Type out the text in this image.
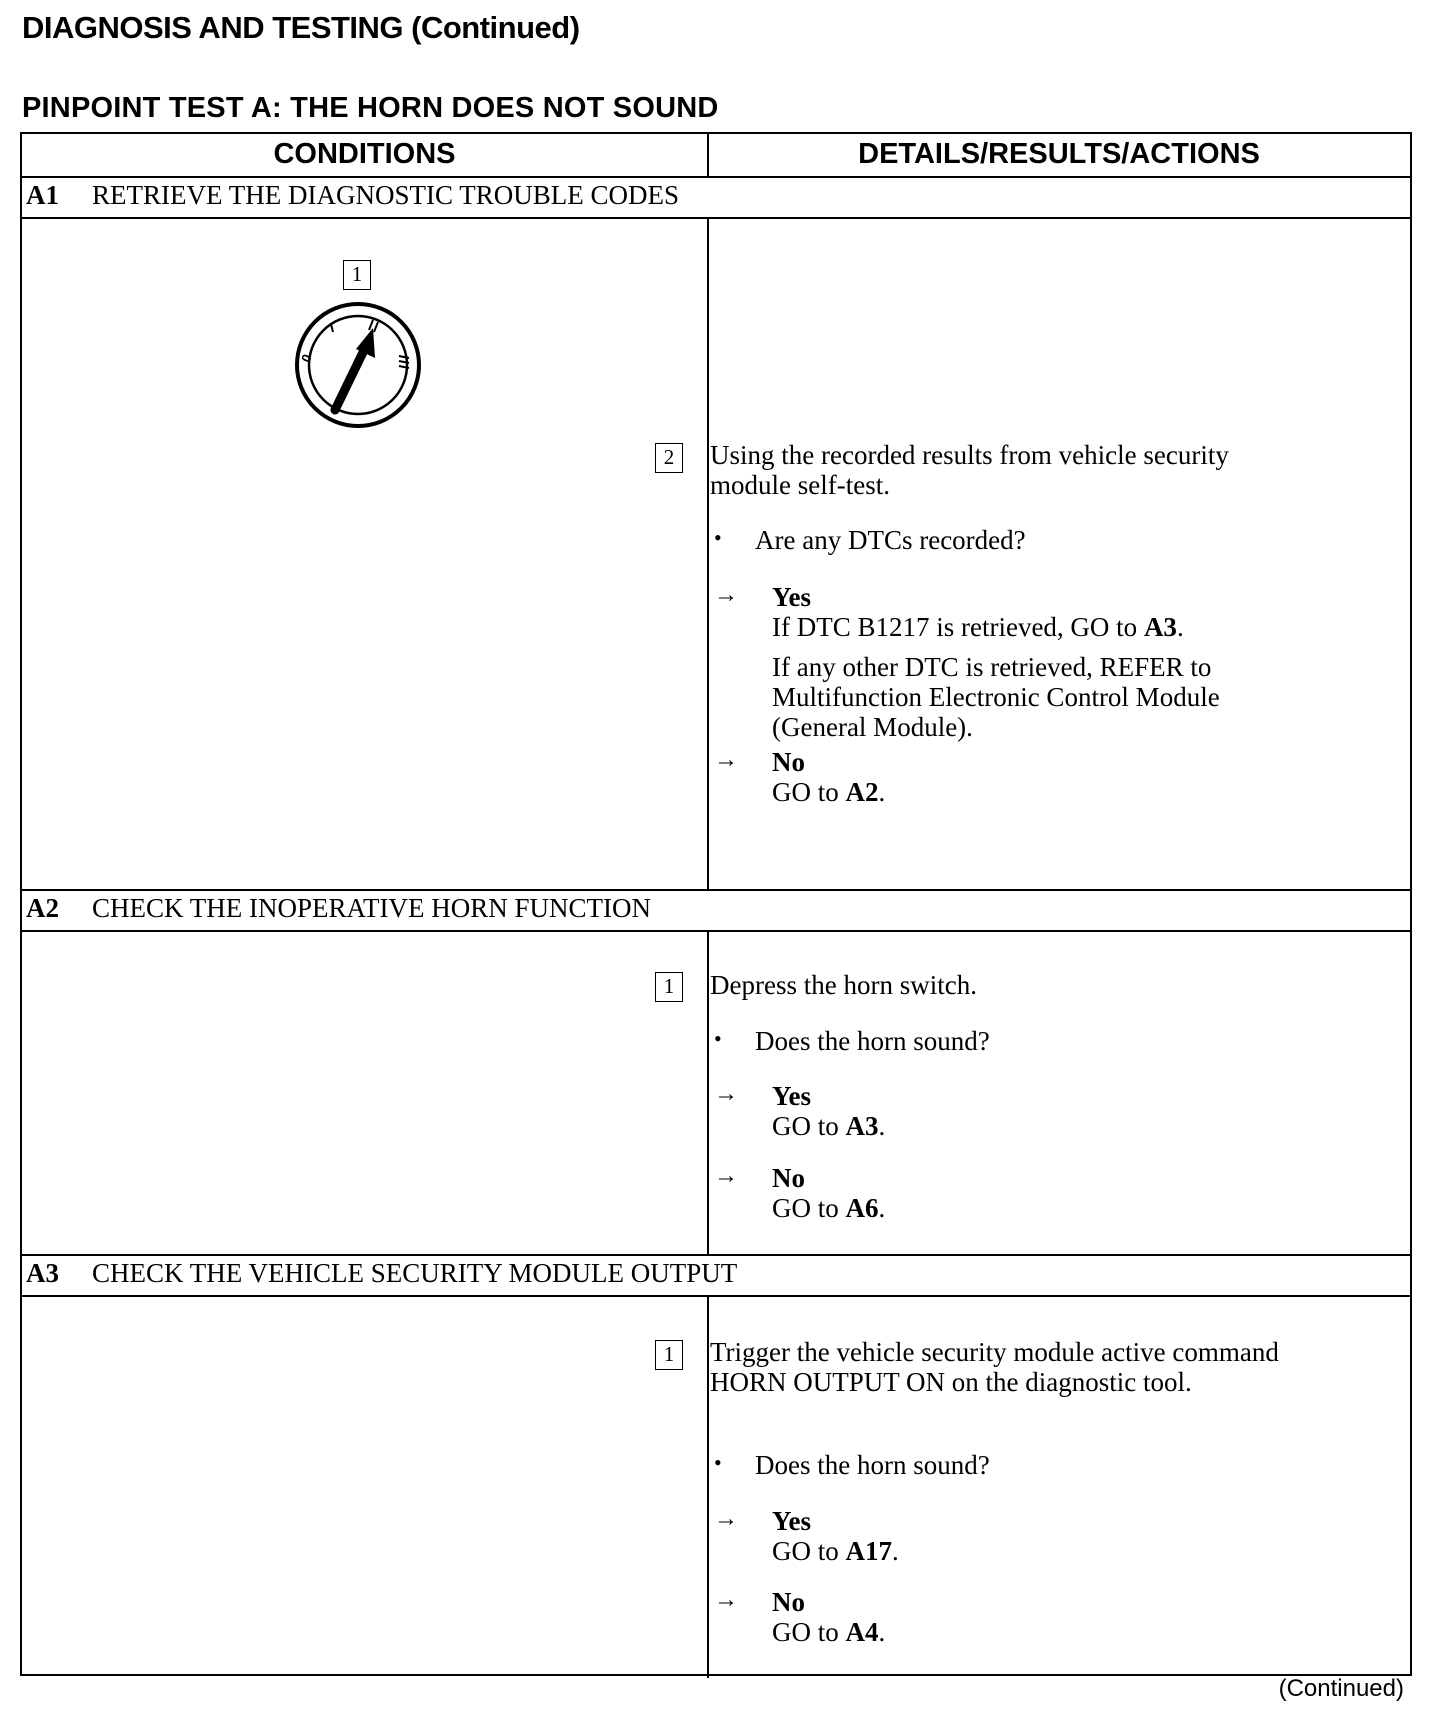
DIAGNOSIS AND TESTING (Continued)
PINPOINT TEST A: THE HORN DOES NOT SOUND
CONDITIONS	DETAILS/RESULTS/ACTIONS
A1 RETRIEVE THE DIAGNOSTIC TROUBLE CODES
1
0
2	Using the recorded results from vehicle security module self-test.
• Are any DTCs recorded?
→ Yes
If DTC B1217 is retrieved, GO to A3.
If any other DTC is retrieved, REFER to Multifunction Electronic Control Module (General Module).
→ No
GO to A2.
A2 CHECK THE INOPERATIVE HORN FUNCTION
1	Depress the horn switch.
• Does the horn sound?
→ Yes
GO to A3.
→ No
GO to A6.
A3 CHECK THE VEHICLE SECURITY MODULE OUTPUT
1	Trigger the vehicle security module active command HORN OUTPUT ON on the diagnostic tool.
• Does the horn sound?
→ Yes
GO to A17.
→ No
GO to A4.
(Continued)
